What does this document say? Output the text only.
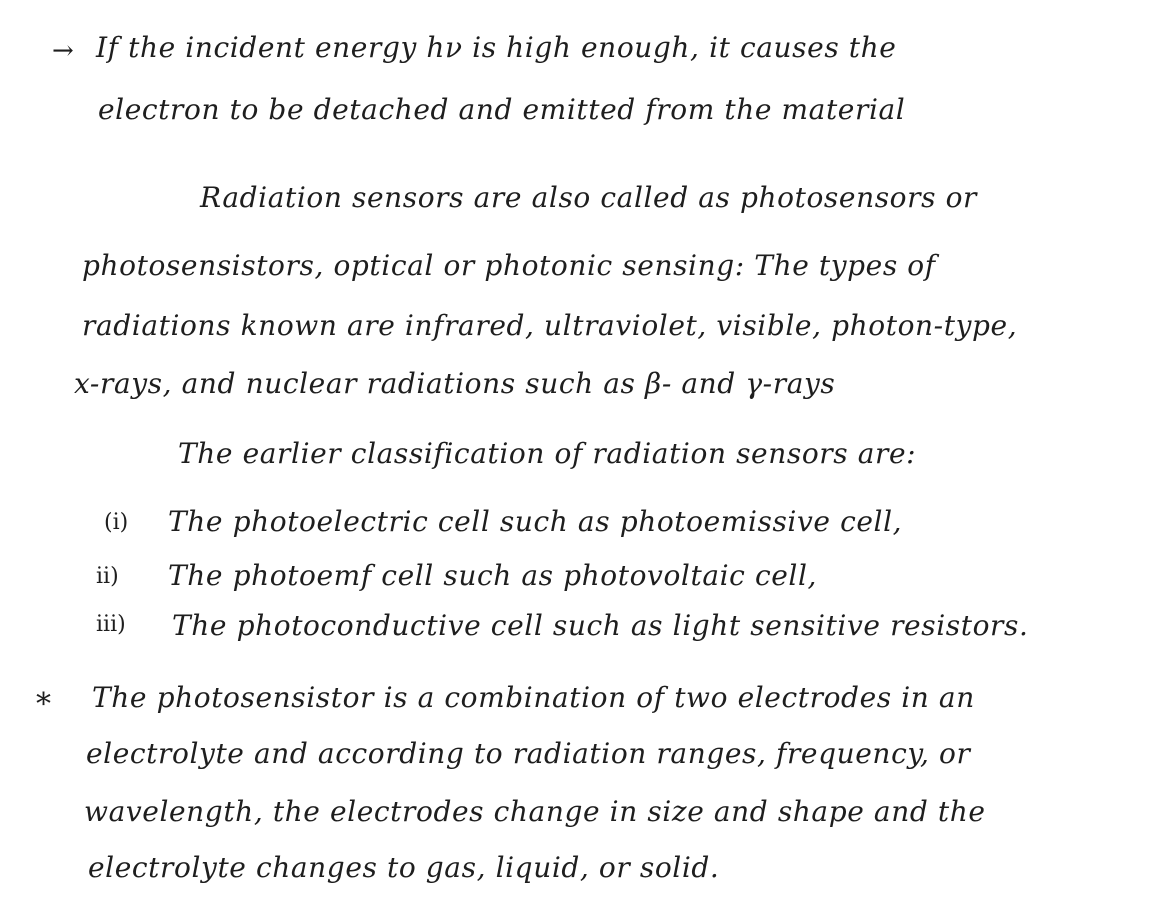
→ If the incident energy hν is high enough, it causes the
electron to be detached and emitted from the material
Radiation sensors are also called as photosensors or
photosensistors, optical or photonic sensing: The types of
radiations known are infrared, ultraviolet, visible, photon-type,
x-rays, and nuclear radiations such as β- and γ-rays
The earlier classification of radiation sensors are:
(i) The photoelectric cell such as photoemissive cell,
ii) The photoemf cell such as photovoltaic cell,
iii) The photoconductive cell such as light sensitive resistors.
* The photosensistor is a combination of two electrodes in an
electrolyte and according to radiation ranges, frequency, or
wavelength, the electrodes change in size and shape and the
electrolyte changes to gas, liquid, or solid.
